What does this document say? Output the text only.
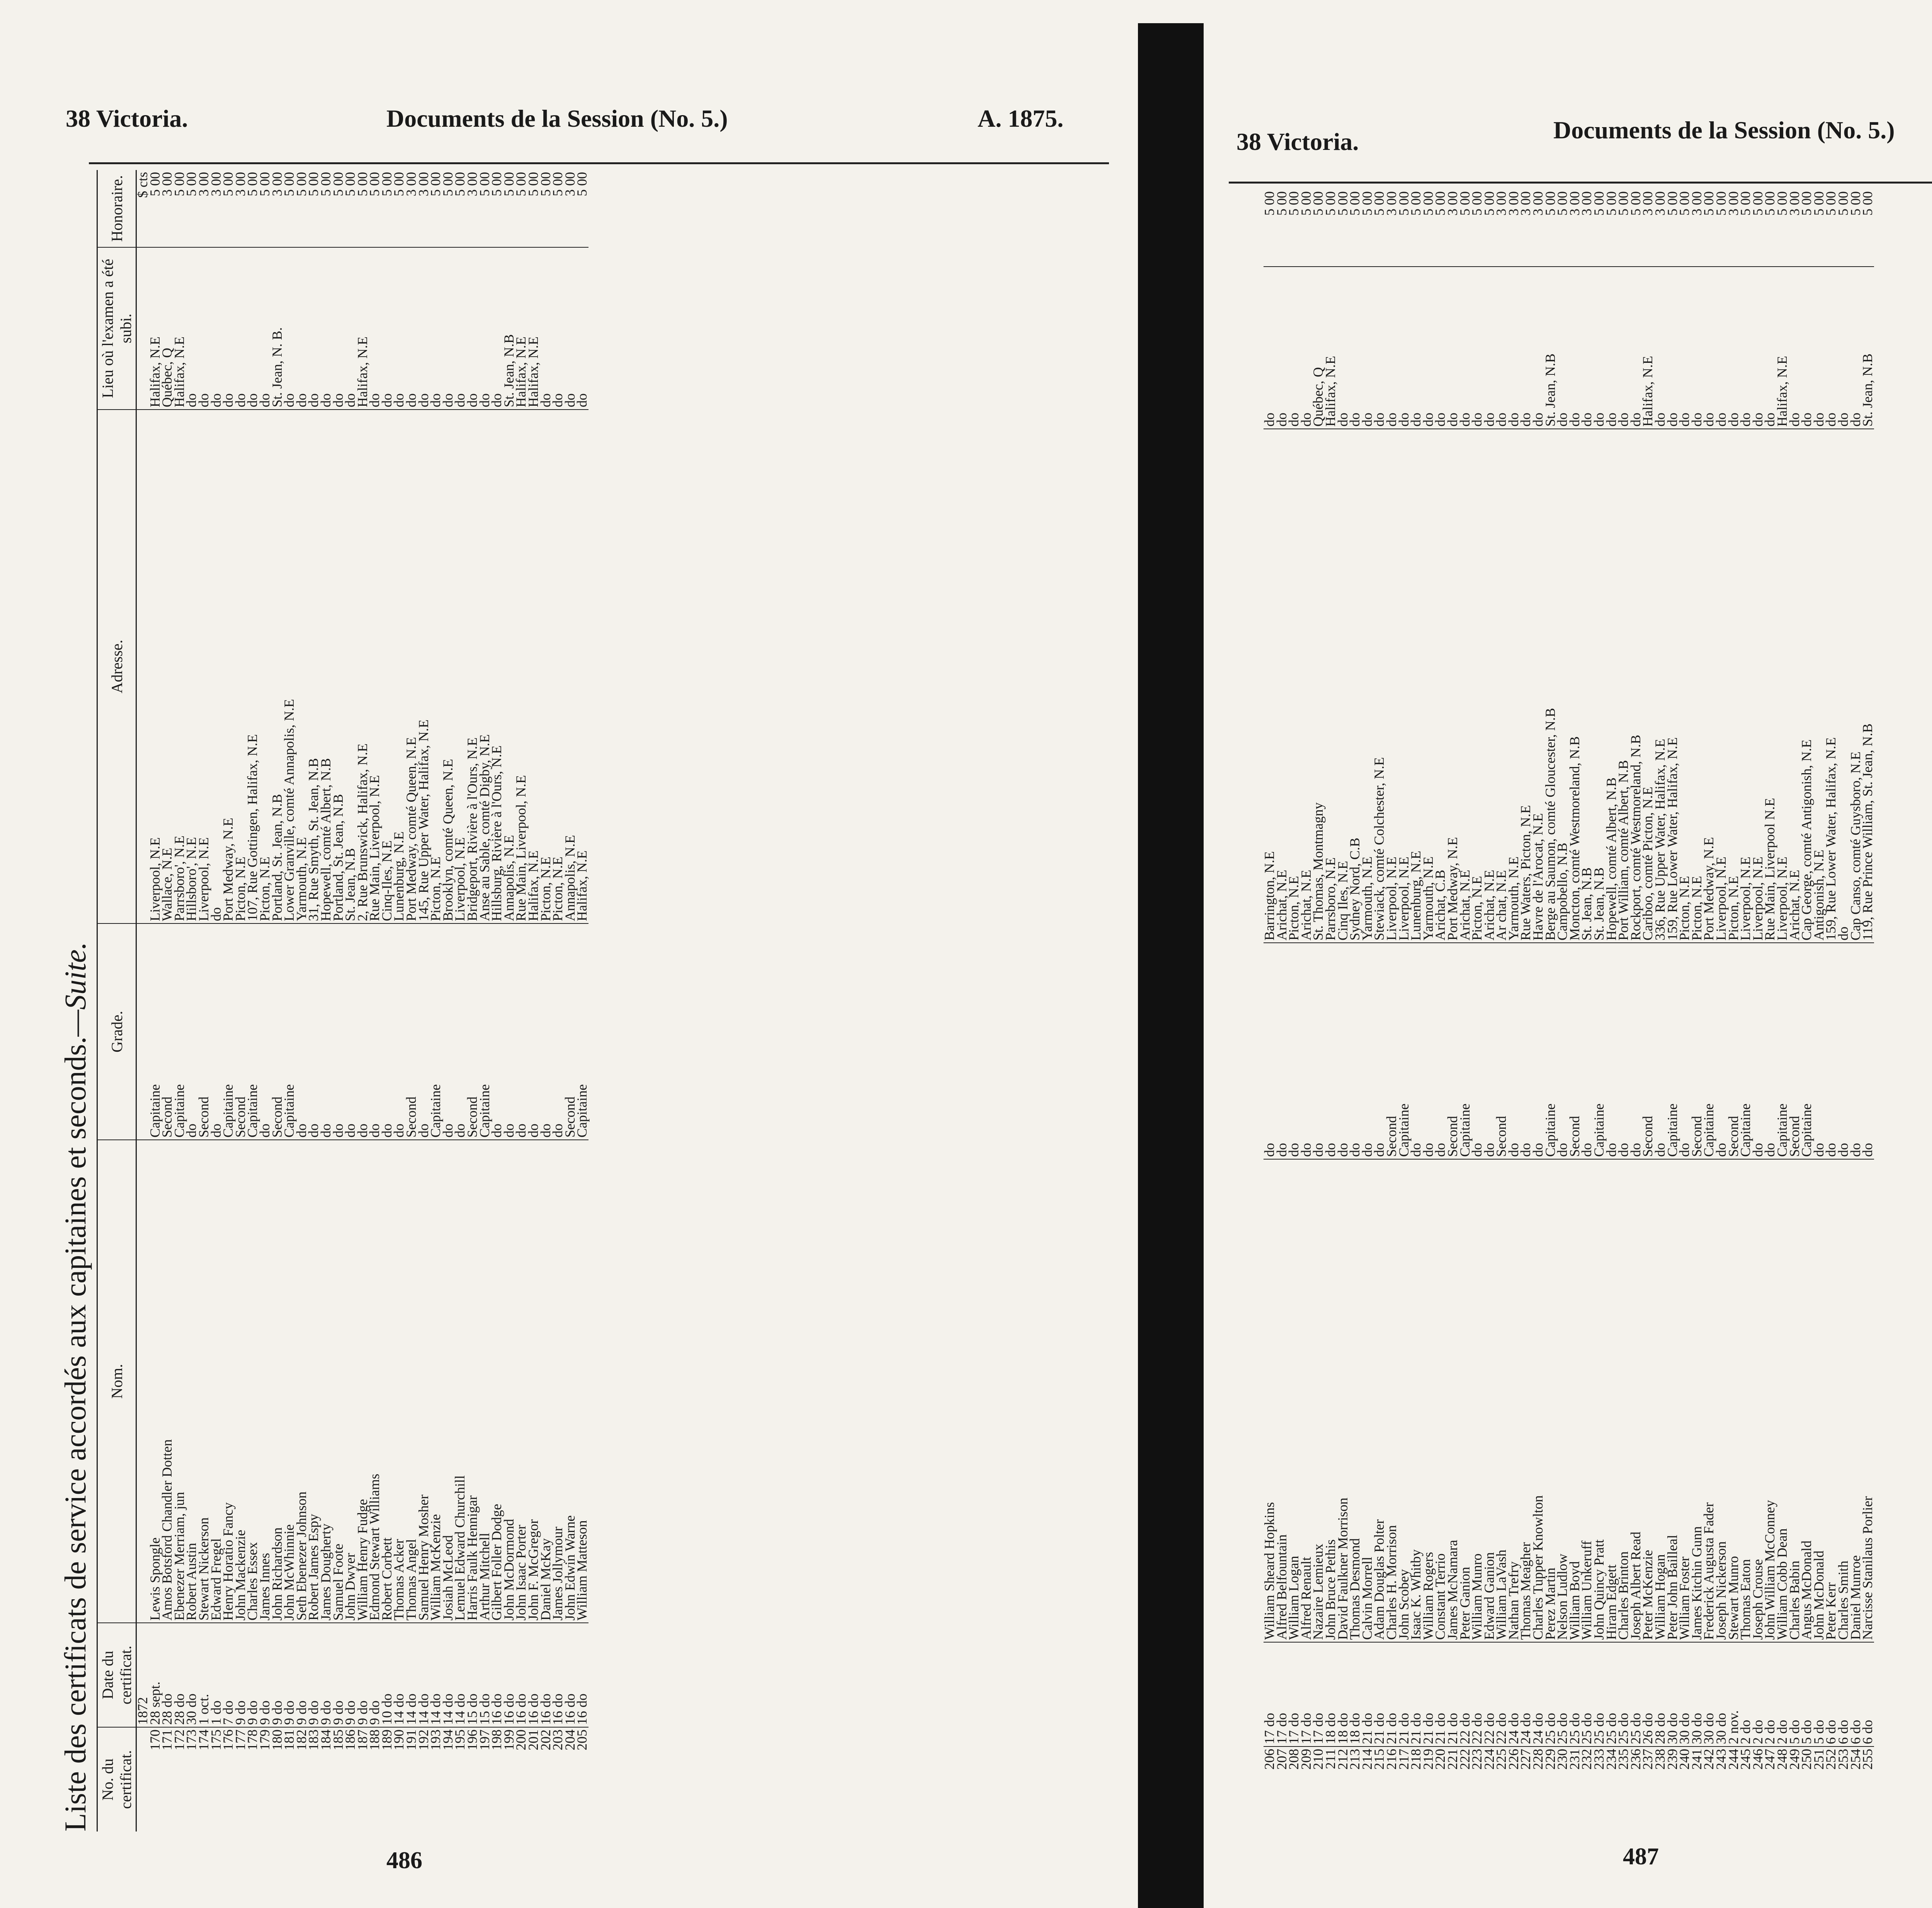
38 Victoria.	Documents de la Session (No. 5.)	A. 1875.
Liste des certificats de service accordés aux capitaines et seconds.—Suite.
No. du certificat.	Date du certificat.	Nom.	Grade.	Adresse.	Lieu où l'examen a été subi.	Honoraire.
	1872					$ cts
170	28 sept.	Lewis Spongle	Capitaine	Liverpool, N.E	Halifax, N.E	5 00
171	28 do	Amos Botsford Chandler Dotten	Second	Wallace, N.E	Québec, Q	3 00
172	28 do	Ebenezer Merriam, jun	Capitaine	Parrsboro', N.E	Halifax, N.E	5 00
173	30 do	Robert Austin	do	Hillsboro', N.E	do	5 00
174	1 oct.	Stewart Nickerson	Second	Liverpool, N.E	do	3 00
175	1 do	Edward Fregel	do	do	do	3 00
176	7 do	Henry Horatio Fancy	Capitaine	Port Medway, N.E	do	5 00
177	9 do	John Mackenzie	Second	Picton, N.E	do	3 00
178	9 do	Charles Essex	Capitaine	107, Rue Gottingen, Halifax, N.E	do	5 00
179	9 do	James Innes	do	Picton, N.E	do	5 00
180	9 do	John Richardson	Second	Portland, St. Jean, N.B	St. Jean, N. B.	3 00
181	9 do	John McWhinnie	Capitaine	Lower Granville, comté Annapolis, N.E	do	5 00
182	9 do	Seth Ebenezer Johnson	do	Yarmouth, N.E	do	5 00
183	9 do	Robert James Espy	do	31, Rue Smyth, St. Jean, N.B	do	5 00
184	9 do	James Dougherty	do	Hopewell, comté Albert, N.B	do	5 00
185	9 do	Samuel Foote	do	Portland, St. Jean, N.B	do	5 00
186	9 do	John Dwyer	do	St. Jean, N.B	do	5 00
187	9 do	William Henry Fudge	do	2, Rue Brunswick, Halifax, N.E	Halifax, N.E	5 00
188	9 do	Edmond Stewart Williams	do	Rue Main, Liverpool, N.E	do	5 00
189	10 do	Robert Corbett	do	Cinq-Iles, N.E	do	5 00
190	14 do	Thomas Acker	do	Lunenburg, N.E	do	5 00
191	14 do	Thomas Angel	Second	Port Medway, comté Queen, N.E	do	3 00
192	14 do	Samuel Henry Mosher	do	145, Rue Upper Water, Halifax, N.E	do	3 00
193	14 do	William McKenzie	Capitaine	Picton, N.E	do	5 00
194	14 do	Josiah McLeod	do	Brooklyn, comté Queen, N.E	do	5 00
195	14 do	Lemuel Edward Churchill	do	Liverpool, N.E	do	5 00
196	15 do	Harris Faulk Hennigar	Second	Bridgeport, Rivière à l'Ours, N.E	do	3 00
197	15 do	Arthur Mitchell	Capitaine	Anse au Sable, comté Digby, N.E	do	5 00
198	16 do	Gilbert Foller Dodge	do	Hillsburg, Rivière à l'Ours, N.E	do	5 00
199	16 do	John McDormond	do	Annapolis, N.E	St. Jean, N.B	5 00
200	16 do	John Isaac Porter	do	Rue Main, Liverpool, N.E	Halifax, N.E	5 00
201	16 do	John F. McGregor	do	Halifax, N.E	Halifax, N.E	5 00
202	16 do	Daniel McKay	do	Picton, N.E	do	5 00
203	16 do	James Jollymour	do	Picton, N.E	do	5 00
204	16 do	John Edwin Warne	Second	Annapolis, N.E	do	3 00
205	16 do	William Matteson	Capitaine	Halifax, N.E	do	5 00
486
38 Victoria.	Documents de la Session (No. 5.)
206	17 do	William Sheard Hopkins	do	Barrington, N.E	do	5 00
207	17 do	Alfred Belfountain	do	Arichat, N.E	do	5 00
208	17 do	William Logan	do	Picton, N.E	do	5 00
209	17 do	Alfred Renault	do	Arichat, N.E	do	5 00
210	17 do	Nazaire Lemieux	do	St. Thomas, Montmagny	Québec, Q	5 00
211	18 do	John Bruce Pethis	do	Parrsboro, N.E	Halifax, N.E	5 00
212	18 do	David Faulkner Morrison	do	Cinq Iles, N.E	do	5 00
213	18 do	Thomas Desmond	do	Sydney Nord, C.B	do	5 00
214	21 do	Calvin Morrell	do	Yarmouth, N.E	do	5 00
215	21 do	Adam Douglas Polter	do	Stewiack, comté Colchester, N.E	do	5 00
216	21 do	Charles H. Morrison	Second	Liverpool, N.E	do	3 00
217	21 do	John Scobey	Capitaine	Liverpool, N.E	do	5 00
218	21 do	Isaac K. Whitby	do	Lunenburg, N.E	do	5 00
219	21 do	William Rogers	do	Yarmouth, N.E	do	5 00
220	21 do	Constant Terrio	do	Arichat, C.B	do	5 00
221	21 do	James McNamara	Second	Port Medway, N.E	do	3 00
222	22 do	Peter Ganion	Capitaine	Arichat, N.E	do	5 00
223	22 do	William Munro	do	Picton, N.E	do	5 00
224	22 do	Edward Ganion	do	Arichat, N.E	do	5 00
225	22 do	William LaVash	Second	Ar chat, N.E	do	3 00
226	24 do	Nathan Trefry	do	Yarmouth, N.E	do	3 00
227	24 do	Thomas Meagher	do	Rue Waters, Picton, N.E	do	3 00
228	24 do	Charles Tupper Knowlton	do	Havre de l'Arocat, N.E	do	3 00
229	25 do	Perez Martin	Capitaine	Berge au Saumon, comté Gloucester, N.B	St. Jean, N.B	5 00
230	25 do	Nelson Ludlow	do	Campobello, N.B	do	5 00
231	25 do	William Boyd	Second	Moncton, comté Westmoreland, N.B	do	3 00
232	25 do	William Unkeruff	do	St. Jean, N.B	do	3 00
233	25 do	John Quincy Pratt	Capitaine	St. Jean, N.B	do	5 00
234	25 do	Hiram Edgett	do	Hopewell, comté Albert, N.B	do	5 00
235	25 do	Charles Brinton	do	Port William, comté Albert, N.B	do	5 00
236	25 do	Joseph Albert Read	do	Rockport, comté Westmoreland, N.B	do	5 00
237	26 do	Peter McKenzie	Second	Cariboo, comté Picton, N.E	Halifax, N.E	3 00
238	28 do	William Hogan	do	336, Rue Upper Water, Halifax, N.E	do	3 00
239	30 do	Peter John Bailleal	Capitaine	159, Rue Lower Water, Halifax, N.E	do	5 00
240	30 do	William Foster	do	Picton, N.E	do	5 00
241	30 do	James Kitchin Gunn	Second	Picton, N.E	do	3 00
242	30 do	Frederick Augusta Fader	Capitaine	Port Medway, N.E	do	5 00
243	30 do	Joseph Nickerson	do	Liverpool, N.E	do	5 00
244	2 nov.	Stewart Munro	Second	Picton, N.E	do	3 00
245	2 do	Thomas Eaton	Capitaine	Liverpool, N.E	do	5 00
246	2 do	Joseph Crouse	do	Liverpool, N.E	do	5 00
247	2 do	John William McConney	do	Rue Main, Liverpool N.E	do	5 00
248	2 do	William Cobb Dean	Capitaine	Liverpool, N.E	Halifax, N.E	5 00
249	5 do	Charles Babin	Second	Arichat, N.E	do	3 00
250	5 do	Angus McDonald	Capitaine	Cap George, comté Antigonish, N.E	do	5 00
251	5 do	John McDonald	do	Antigonish, N.E	do	5 00
252	6 do	Peter Kerr	do	159, Rue Lower Water, Halifax, N.E	do	5 00
253	6 do	Charles Smith	do	do	do	5 00
254	6 do	Daniel Munroe	do	Cap Canso, comté Guysboro, N.E	do	5 00
255	6 do	Narcisse Stanilaus Porlier	do	119, Rue Prince William, St. Jean, N.B	St. Jean, N.B	5 00
487
